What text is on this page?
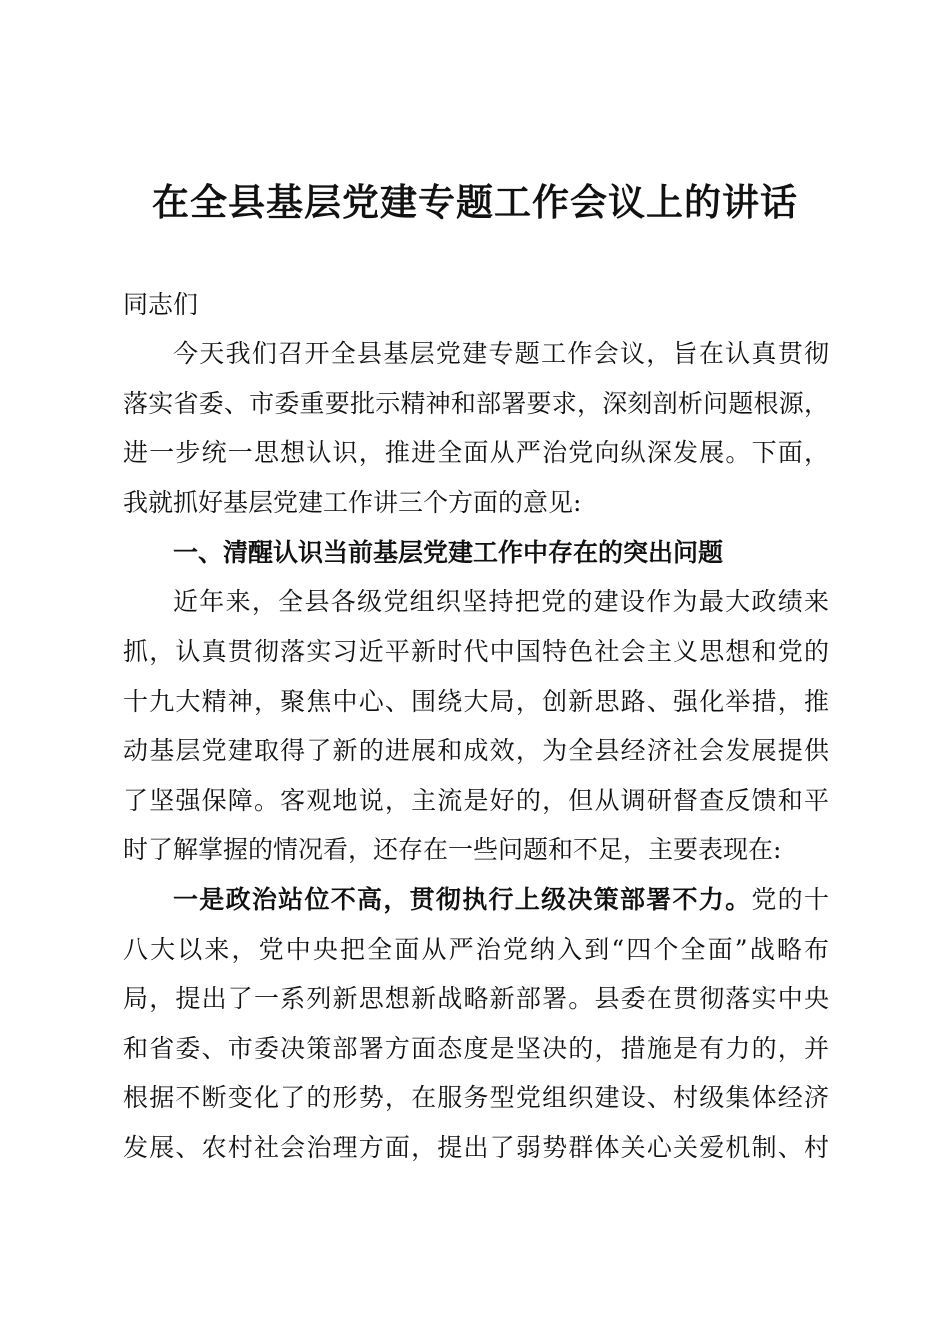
在全县基层党建专题工作会议上的讲话

同志们

今天我们召开全县基层党建专题工作会议，旨在认真贯彻

落实省委、市委重要批示精神和部署要求，深刻剖析问题根源，

进一步统一思想认识，推进全面从严治党向纵深发展。下面，

我就抓好基层党建工作讲三个方面的意见:

一、清醒认识当前基层党建工作中存在的突出问题

近年来，全县各级党组织坚持把党的建设作为最大政绩来

抓，认真贯彻落实习近平新时代中国特色社会主义思想和党的

十九大精神，聚焦中心、围绕大局，创新思路、强化举措，推

动基层党建取得了新的进展和成效，为全县经济社会发展提供

了坚强保障。客观地说，主流是好的，但从调研督查反馈和平

时了解掌握的情况看，还存在一些问题和不足，主要表现在:

一是政治站位不高，贯彻执行上级决策部署不力。党的十

八大以来，党中央把全面从严治党纳入到“四个全面”战略布

局，提出了一系列新思想新战略新部署。县委在贯彻落实中央

和省委、市委决策部署方面态度是坚决的，措施是有力的，并

根据不断变化了的形势，在服务型党组织建设、村级集体经济

发展、农村社会治理方面，提出了弱势群体关心关爱机制、村
